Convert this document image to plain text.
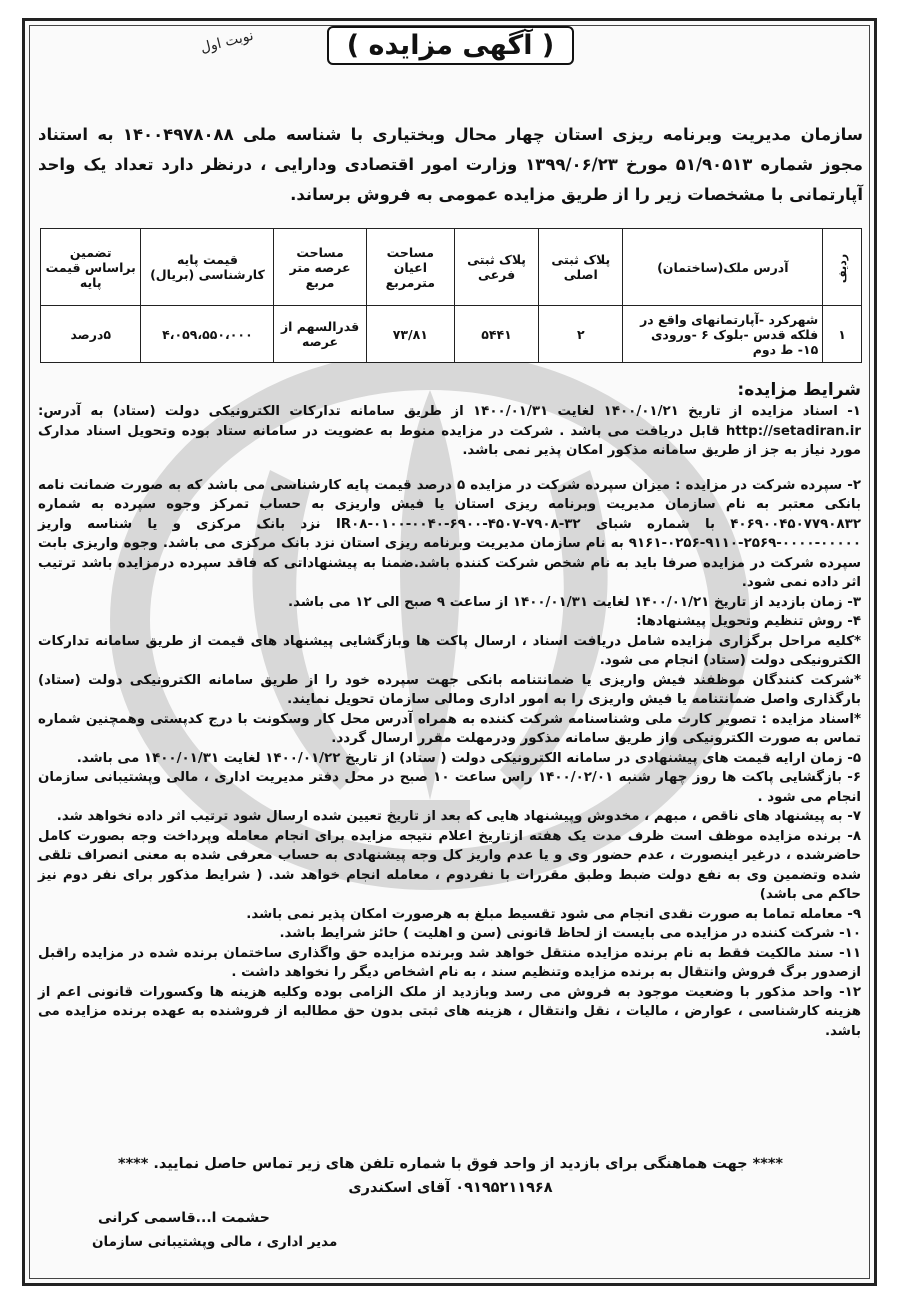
( آگهی مزایده )
نوبت اول
سازمان مدیریت وبرنامه ریزی استان چهار محال وبختیاری با شناسه ملی ۱۴۰۰۴۹۷۸۰۸۸ به استناد مجوز شماره ۵۱/۹۰۵۱۳ مورخ ۱۳۹۹/۰۶/۲۳ وزارت امور اقتصادی ودارایی ، درنظر دارد تعداد یک واحد آپارتمانی با مشخصات زیر را از طریق مزایده عمومی به فروش برساند.
ردیف	آدرس ملک(ساختمان)	پلاک ثبتی اصلی	پلاک ثبتی فرعی	مساحت اعیان مترمربع	مساحت عرصه متر مربع	قیمت پایه کارشناسی (بریال)	تضمین براساس قیمت پایه
۱	شهرکرد -آپارتمانهای واقع در فلکه قدس -بلوک ۶ -ورودی ۱۵- ط دوم	۲	۵۴۴۱	۷۳/۸۱	قدرالسهم از عرصه	۴،۰۵۹،۵۵۰،۰۰۰	۵درصد
شرایط مزایده:

۱- اسناد مزایده از تاریخ ۱۴۰۰/۰۱/۲۱ لغایت ۱۴۰۰/۰۱/۳۱ از طریق سامانه تدارکات الکترونیکی دولت (ستاد) به آدرس: http://setadiran.ir قابل دریافت می باشد . شرکت در مزایده منوط به عضویت در سامانه ستاد بوده وتحویل اسناد مدارک مورد نیاز به جز از طریق سامانه مذکور امکان پذیر نمی باشد.

۲- سپرده شرکت در مزایده : میزان سپرده شرکت در مزایده ۵ درصد قیمت پایه کارشناسی می باشد که به صورت ضمانت نامه بانکی معتبر به نام سازمان مدیریت وبرنامه ریزی استان یا فیش واریزی به حساب تمرکز وجوه سپرده به شماره ۴۰۶۹۰۰۴۵۰۷۷۹۰۸۳۲ با شماره شبای IR۰۸-۰۱۰۰-۰۰۴۰-۶۹۰۰-۴۵۰۷-۷۹۰۸-۳۲ نزد بانک مرکزی و یا شناسه واریز ۰۰۰۰۰-۰۰۰۰-۲۵۶۹-۹۱۱۰-۰۲۵۶-۹۱۶۱ به نام سازمان مدیریت وبرنامه ریزی استان نزد بانک مرکزی می باشد. وجوه واریزی بابت سپرده شرکت در مزایده صرفا باید به نام شخص شرکت کننده باشد.ضمنا به پیشنهاداتی که فاقد سپرده درمزایده باشد ترتیب اثر داده نمی شود.

۳- زمان بازدید از تاریخ ۱۴۰۰/۰۱/۲۱ لغایت ۱۴۰۰/۰۱/۳۱ از ساعت ۹ صبح الی ۱۲ می باشد.

۴- روش تنظیم وتحویل پیشنهادها:

*کلیه مراحل برگزاری مزایده شامل دریافت اسناد ، ارسال پاکت ها وبازگشایی پیشنهاد های قیمت از طریق سامانه تدارکات الکترونیکی دولت (ستاد) انجام می شود.

*شرکت کنندگان موظفند فیش واریزی یا ضمانتنامه بانکی جهت سپرده خود را از طریق سامانه الکترونیکی دولت (ستاد) بارگذاری واصل ضمانتنامه یا فیش واریزی را به امور اداری ومالی سازمان تحویل نمایند.

*اسناد مزایده : تصویر کارت ملی وشناسنامه شرکت کننده به همراه آدرس محل کار وسکونت با درج کدپستی وهمچنین شماره تماس به صورت الکترونیکی واز طریق سامانه مذکور ودرمهلت مقرر ارسال گردد.

۵- زمان ارایه قیمت های پیشنهادی در سامانه الکترونیکی دولت ( ستاد) از تاریخ ۱۴۰۰/۰۱/۲۲ لغایت ۱۴۰۰/۰۱/۳۱ می باشد.

۶- بازگشایی پاکت ها روز چهار شنبه ۱۴۰۰/۰۲/۰۱ راس ساعت ۱۰ صبح در محل دفتر مدیریت اداری ، مالی وپشتیبانی سازمان انجام می شود .

۷- به پیشنهاد های ناقص ، مبهم ، مخدوش وپیشنهاد هایی که بعد از تاریخ تعیین شده ارسال شود ترتیب اثر داده نخواهد شد.

۸- برنده مزایده موظف است ظرف مدت یک هفته ازتاریخ اعلام نتیجه مزایده برای انجام معامله وپرداخت وجه بصورت کامل حاضرشده ، درغیر اینصورت ، عدم حضور وی و یا عدم واریز کل وجه پیشنهادی به حساب معرفی شده به معنی انصراف تلقی شده وتضمین وی به نفع دولت ضبط وطبق مقررات با نفردوم ، معامله انجام خواهد شد. ( شرایط مذکور برای نفر دوم نیز حاکم می باشد)

۹- معامله تماما به صورت نقدی انجام می شود تقسیط مبلغ به هرصورت امکان پذیر نمی باشد.

۱۰- شرکت کننده در مزایده می بایست از لحاظ قانونی (سن و اهلیت ) حائز شرایط باشد.

۱۱- سند مالکیت فقط به نام برنده مزایده منتقل خواهد شد وبرنده مزایده حق واگذاری ساختمان برنده شده در مزایده راقبل ازصدور برگ فروش وانتقال به برنده مزایده وتنظیم سند ، به نام اشخاص دیگر را نخواهد داشت .

۱۲- واحد مذکور با وضعیت موجود به فروش می رسد وبازدید از ملک الزامی بوده وکلیه هزینه ها وکسورات قانونی اعم از هزینه کارشناسی ، عوارض ، مالیات ، نقل وانتقال ، هزینه های ثبتی بدون حق مطالبه از فروشنده به عهده برنده مزایده می باشد.

**** جهت هماهنگی برای بازدید از واحد فوق با شماره تلفن های زیر تماس حاصل نمایید. ****
۰۹۱۹۵۲۱۱۹۶۸ آقای اسکندری
حشمت ا...قاسمی کرانی
مدیر اداری ، مالی وپشتیبانی سازمان
